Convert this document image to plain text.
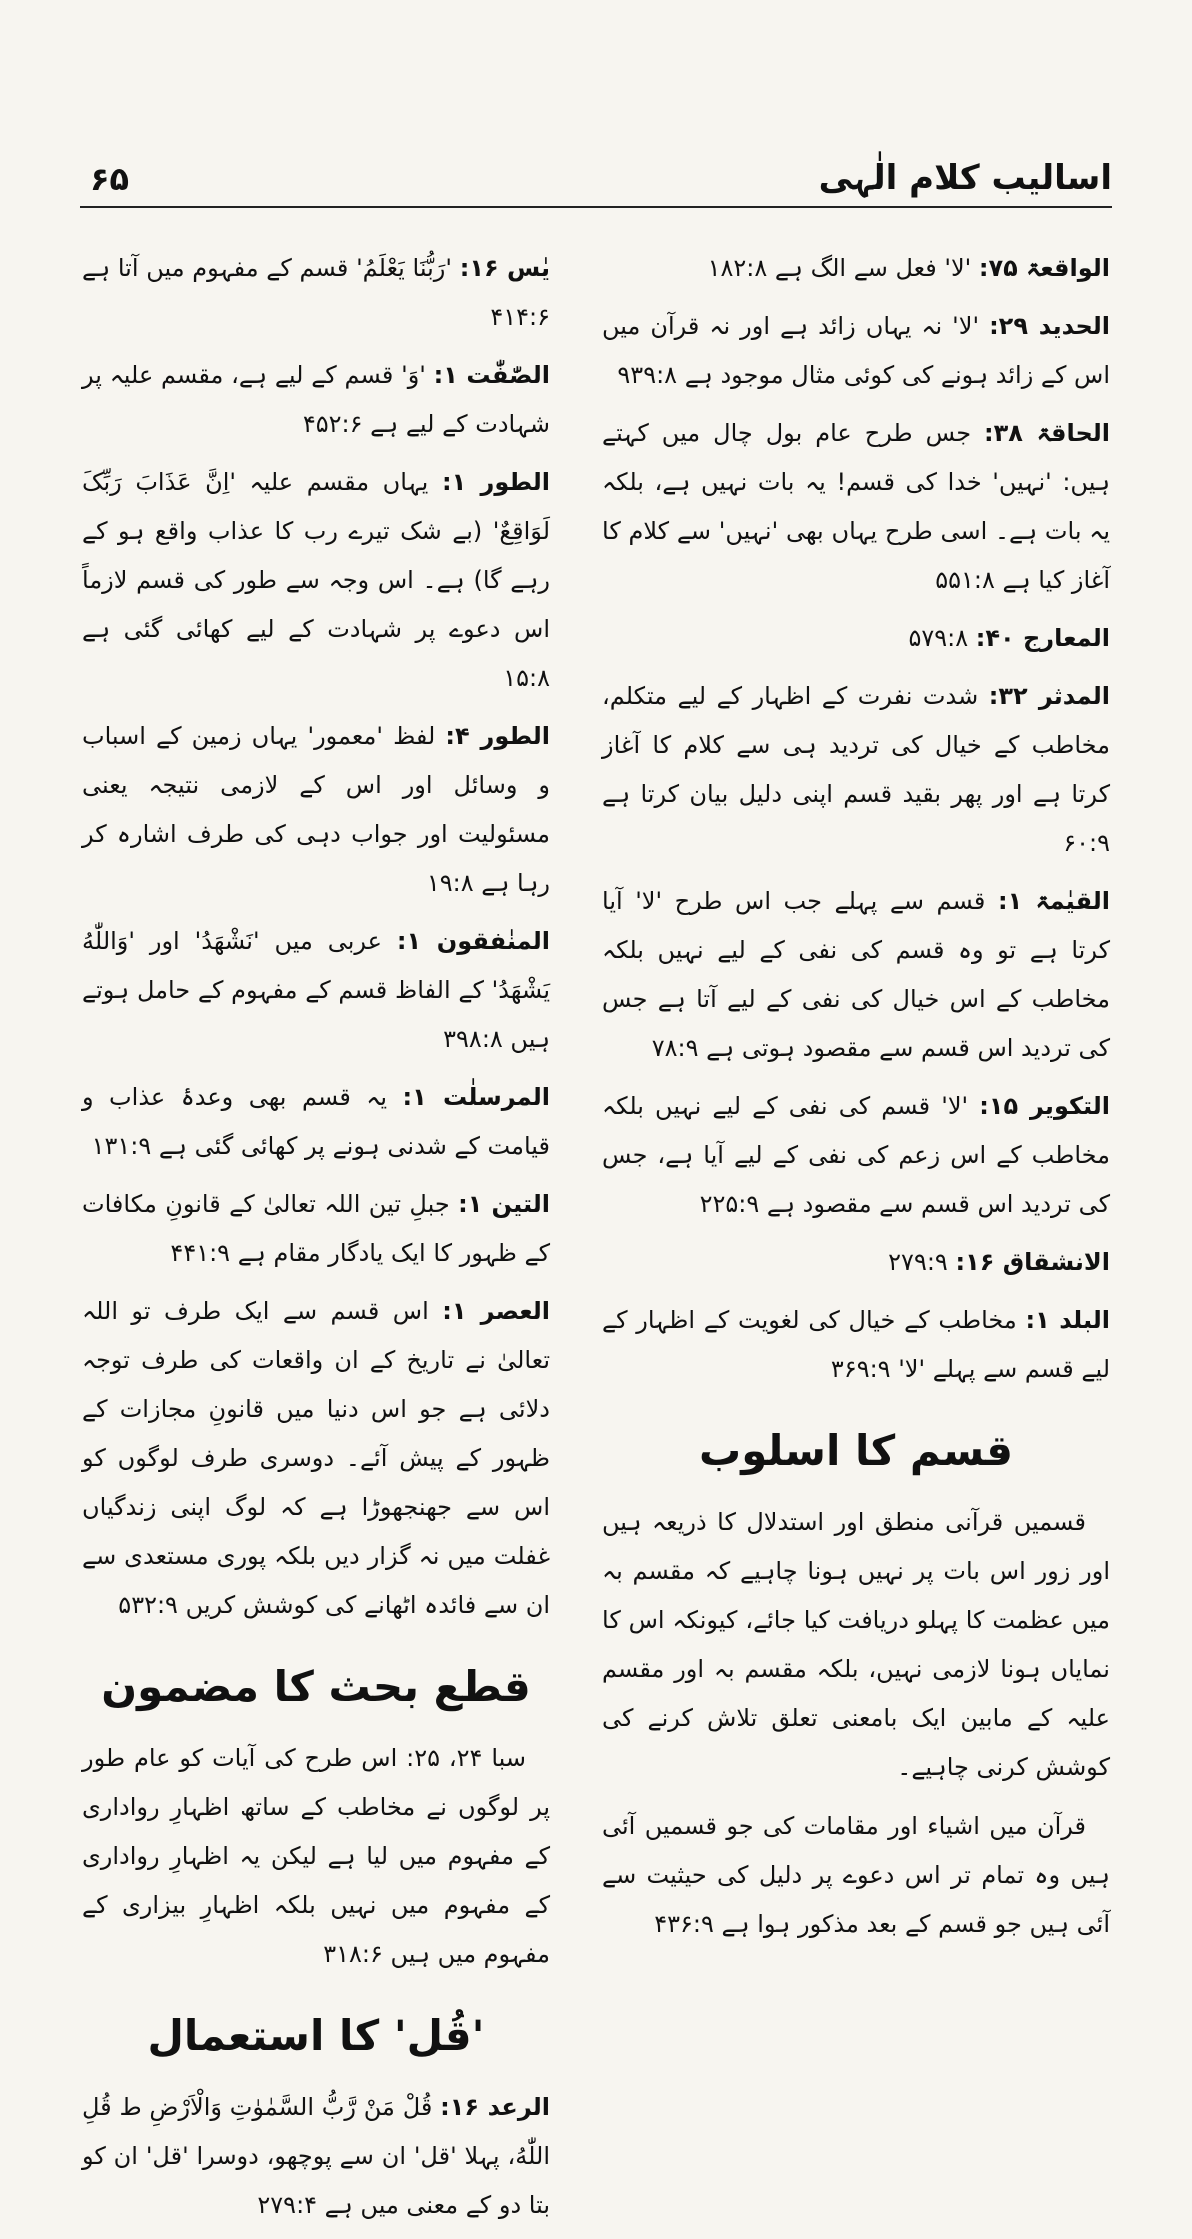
اسالیب کلام الٰہی
۶۵

الواقعۃ ۷۵: 'لا' فعل سے الگ ہے ۱۸۲:۸

الحدید ۲۹: 'لا' نہ یہاں زائد ہے اور نہ قرآن میں اس کے زائد ہونے کی کوئی مثال موجود ہے ۹۳۹:۸

الحاقۃ ۳۸: جس طرح عام بول چال میں کہتے ہیں: 'نہیں' خدا کی قسم! یہ بات نہیں ہے، بلکہ یہ بات ہے۔ اسی طرح یہاں بھی 'نہیں' سے کلام کا آغاز کیا ہے ۵۵۱:۸

المعارج ۴۰: ۵۷۹:۸

المدثر ۳۲: شدت نفرت کے اظہار کے لیے متکلم، مخاطب کے خیال کی تردید ہی سے کلام کا آغاز کرتا ہے اور پھر بقید قسم اپنی دلیل بیان کرتا ہے ۶۰:۹

القیٰمۃ ۱: قسم سے پہلے جب اس طرح 'لا' آیا کرتا ہے تو وہ قسم کی نفی کے لیے نہیں بلکہ مخاطب کے اس خیال کی نفی کے لیے آتا ہے جس کی تردید اس قسم سے مقصود ہوتی ہے ۷۸:۹

التکویر ۱۵: 'لا' قسم کی نفی کے لیے نہیں بلکہ مخاطب کے اس زعم کی نفی کے لیے آیا ہے، جس کی تردید اس قسم سے مقصود ہے ۲۲۵:۹

الانشقاق ۱۶: ۲۷۹:۹

البلد ۱: مخاطب کے خیال کی لغویت کے اظہار کے لیے قسم سے پہلے 'لا' ۳۶۹:۹

قسم کا اسلوب

قسمیں قرآنی منطق اور استدلال کا ذریعہ ہیں اور زور اس بات پر نہیں ہونا چاہیے کہ مقسم بہ میں عظمت کا پہلو دریافت کیا جائے، کیونکہ اس کا نمایاں ہونا لازمی نہیں، بلکہ مقسم بہ اور مقسم علیہ کے مابین ایک بامعنی تعلق تلاش کرنے کی کوشش کرنی چاہیے۔

قرآن میں اشیاء اور مقامات کی جو قسمیں آئی ہیں وہ تمام تر اس دعوے پر دلیل کی حیثیت سے آئی ہیں جو قسم کے بعد مذکور ہوا ہے ۴۳۶:۹

یٰس ۱۶: 'رَبُّنَا یَعْلَمُ' قسم کے مفہوم میں آتا ہے ۴۱۴:۶

الصّٰفّٰت ۱: 'وَ' قسم کے لیے ہے، مقسم علیہ پر شہادت کے لیے ہے ۴۵۲:۶

الطور ۱: یہاں مقسم علیہ 'اِنَّ عَذَابَ رَبِّکَ لَوَاقِعٌ' (بے شک تیرے رب کا عذاب واقع ہو کے رہے گا) ہے۔ اس وجہ سے طور کی قسم لازماً اس دعوے پر شہادت کے لیے کھائی گئی ہے ۱۵:۸

الطور ۴: لفظ 'معمور' یہاں زمین کے اسباب و وسائل اور اس کے لازمی نتیجہ یعنی مسئولیت اور جواب دہی کی طرف اشارہ کر رہا ہے ۱۹:۸

المنٰفقون ۱: عربی میں 'نَشْهَدُ' اور 'وَاللّٰهُ يَشْهَدُ' کے الفاظ قسم کے مفہوم کے حامل ہوتے ہیں ۳۹۸:۸

المرسلٰت ۱: یہ قسم بھی وعدۂ عذاب و قیامت کے شدنی ہونے پر کھائی گئی ہے ۱۳۱:۹

التین ۱: جبلِ تین اللہ تعالیٰ کے قانونِ مکافات کے ظہور کا ایک یادگار مقام ہے ۴۴۱:۹

العصر ۱: اس قسم سے ایک طرف تو اللہ تعالیٰ نے تاریخ کے ان واقعات کی طرف توجہ دلائی ہے جو اس دنیا میں قانونِ مجازات کے ظہور کے پیش آئے۔ دوسری طرف لوگوں کو اس سے جھنجھوڑا ہے کہ لوگ اپنی زندگیاں غفلت میں نہ گزار دیں بلکہ پوری مستعدی سے ان سے فائدہ اٹھانے کی کوشش کریں ۵۳۲:۹

قطع بحث کا مضمون

سبا ۲۴، ۲۵: اس طرح کی آیات کو عام طور پر لوگوں نے مخاطب کے ساتھ اظہارِ رواداری کے مفہوم میں لیا ہے لیکن یہ اظہارِ رواداری کے مفہوم میں نہیں بلکہ اظہارِ بیزاری کے مفہوم میں ہیں ۳۱۸:۶

'قُل' کا استعمال

الرعد ۱۶: قُلْ مَنْ رَّبُّ السَّمٰوٰتِ وَالْاَرْضِ ط قُلِ اللّٰهُ، پہلا 'قل' ان سے پوچھو، دوسرا 'قل' ان کو بتا دو کے معنی میں ہے ۲۷۹:۴
